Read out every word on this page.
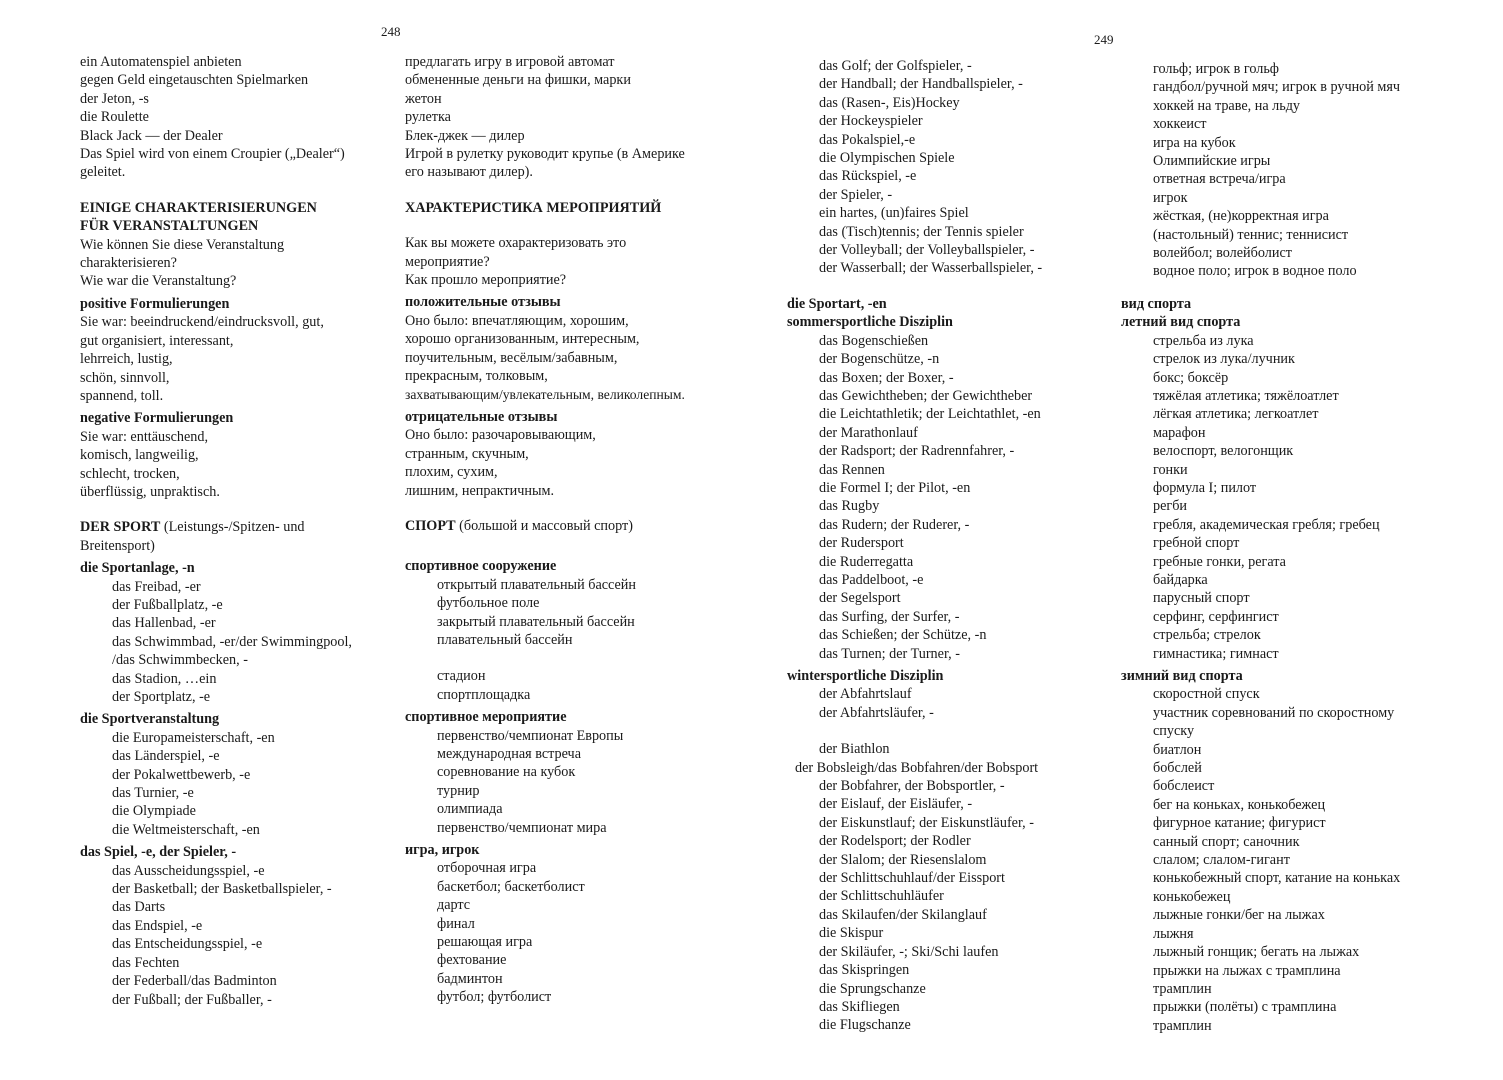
248
249
ein Automatenspiel anbieten
gegen Geld eingetauschten Spielmarken
der Jeton, -s
die Roulette
Black Jack — der Dealer
Das Spiel wird von einem Croupier („Dealer“)
geleitet.
EINIGE CHARAKTERISIERUNGEN
FÜR VERANSTALTUNGEN
Wie können Sie diese Veranstaltung
charakterisieren?
Wie war die Veranstaltung?
positive Formulierungen
Sie war: beeindruckend/eindrucksvoll, gut,
gut organisiert, interessant,
lehrreich, lustig,
schön, sinnvoll,
spannend, toll.
negative Formulierungen
Sie war: enttäuschend,
komisch, langweilig,
schlecht, trocken,
überflüssig, unpraktisch.
DER SPORT (Leistungs-/Spitzen- und
Breitensport)
die Sportanlage, -n
das Freibad, -er
der Fußballplatz, -e
das Hallenbad, -er
das Schwimmbad, -er/der Swimmingpool,
/das Schwimmbecken, -
das Stadion, …ein
der Sportplatz, -e
die Sportveranstaltung
die Europameisterschaft, -en
das Länderspiel, -e
der Pokalwettbewerb, -e
das Turnier, -e
die Olympiade
die Weltmeisterschaft, -en
das Spiel, -e, der Spieler, -
das Ausscheidungsspiel, -e
der Basketball; der Basketballspieler, -
das Darts
das Endspiel, -e
das Entscheidungsspiel, -e
das Fechten
der Federball/das Badminton
der Fußball; der Fußballer, -
предлагать игру в игровой автомат
обмененные деньги на фишки, марки
жетон
рулетка
Блек-джек — дилер
Игрой в рулетку руководит крупье (в Америке
его называют дилер).
ХАРАКТЕРИСТИКА МЕРОПРИЯТИЙ
Как вы можете охарактеризовать это
мероприятие?
Как прошло мероприятие?
положительные отзывы
Оно было: впечатляющим, хорошим,
хорошо организованным, интересным,
поучительным, весёлым/забавным,
прекрасным, толковым,
захватывающим/увлекательным, великолепным.
отрицательные отзывы
Оно было: разочаровывающим,
странным, скучным,
плохим, сухим,
лишним, непрактичным.
СПОРТ (большой и массовый спорт)
спортивное сооружение
открытый плавательный бассейн
футбольное поле
закрытый плавательный бассейн
плавательный бассейн
стадион
спортплощадка
спортивное мероприятие
первенство/чемпионат Европы
международная встреча
соревнование на кубок
турнир
олимпиада
первенство/чемпионат мира
игра, игрок
отборочная игра
баскетбол; баскетболист
дартс
финал
решающая игра
фехтование
бадминтон
футбол; футболист
das Golf; der Golfspieler, -
der Handball; der Handballspieler, -
das (Rasen-, Eis)Hockey
der Hockeyspieler
das Pokalspiel,-e
die Olympischen Spiele
das Rückspiel, -e
der Spieler, -
ein hartes, (un)faires Spiel
das (Tisch)tennis; der Tennis spieler
der Volleyball; der Volleyballspieler, -
der Wasserball; der Wasserballspieler, -
die Sportart, -en
sommersportliche Disziplin
das Bogenschießen
der Bogenschütze, -n
das Boxen; der Boxer, -
das Gewichtheben; der Gewichtheber
die Leichtathletik; der Leichtathlet, -en
der Marathonlauf
der Radsport; der Radrennfahrer, -
das Rennen
die Formel I; der Pilot, -en
das Rugby
das Rudern; der Ruderer, -
der Rudersport
die Ruderregatta
das Paddelboot, -e
der Segelsport
das Surfing, der Surfer, -
das Schießen; der Schütze, -n
das Turnen; der Turner, -
wintersportliche Disziplin
der Abfahrtslauf
der Abfahrtsläufer, -
der Biathlon
der Bobsleigh/das Bobfahren/der Bobsport
der Bobfahrer, der Bobsportler, -
der Eislauf, der Eisläufer, -
der Eiskunstlauf; der Eiskunstläufer, -
der Rodelsport; der Rodler
der Slalom; der Riesenslalom
der Schlittschuhlauf/der Eissport
der Schlittschuhläufer
das Skilaufen/der Skilanglauf
die Skispur
der Skiläufer, -; Ski/Schi laufen
das Skispringen
die Sprungschanze
das Skifliegen
die Flugschanze
гольф; игрок в гольф
гандбол/ручной мяч; игрок в ручной мяч
хоккей на траве, на льду
хоккеист
игра на кубок
Олимпийские игры
ответная встреча/игра
игрок
жёсткая, (не)корректная игра
(настольный) теннис; теннисист
волейбол; волейболист
водное поло; игрок в водное поло
вид спорта
летний вид спорта
стрельба из лука
стрелок из лука/лучник
бокс; боксёр
тяжёлая атлетика; тяжёлоатлет
лёгкая атлетика; легкоатлет
марафон
велоспорт, велогонщик
гонки
формула I; пилот
регби
гребля, академическая гребля; гребец
гребной спорт
гребные гонки, регата
байдарка
парусный спорт
серфинг, серфингист
стрельба; стрелок
гимнастика; гимнаст
зимний вид спорта
скоростной спуск
участник соревнований по скоростному
спуску
биатлон
бобслей
бобслеист
бег на коньках, конькобежец
фигурное катание; фигурист
санный спорт; саночник
слалом; слалом-гигант
конькобежный спорт, катание на коньках
конькобежец
лыжные гонки/бег на лыжах
лыжня
лыжный гонщик; бегать на лыжах
прыжки на лыжах с трамплина
трамплин
прыжки (полёты) с трамплина
трамплин
